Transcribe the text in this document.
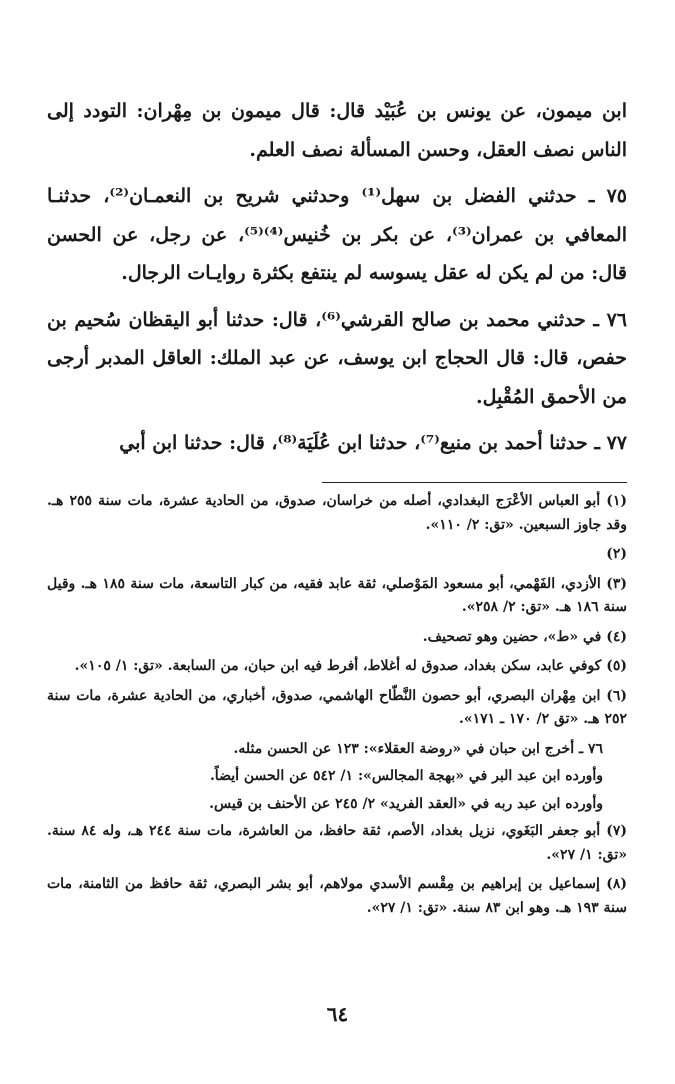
ابن ميمون، عن يونس بن عُبَيْد قال: قال ميمون بن مِهْران: التودد إلى الناس نصف العقل، وحسن المسألة نصف العلم.

٧٥ ـ حدثني الفضل بن سهل⁽¹⁾ وحدثني شريح بن النعمـان⁽²⁾، حدثنـا المعافي بن عمران⁽³⁾، عن بكر بن خُنيس⁽⁴⁾⁽⁵⁾، عن رجل، عن الحسن قال: من لم يكن له عقل يسوسه لم ينتفع بكثرة روايـات الرجال.

٧٦ ـ حدثني محمد بن صالح القرشي⁽⁶⁾، قال: حدثنا أبو اليقظان سُحيم بن حفص، قال: قال الحجاج ابن يوسف، عن عبد الملك: العاقل المدبر أرجى من الأحمق المُقْبِل.

٧٧ ـ حدثنا أحمد بن منيع⁽⁷⁾، حدثنا ابن عُلَيَة⁽⁸⁾، قال: حدثنا ابن أبي

(١) أبو العباس الأعْرَج البغدادي، أصله من خراسان، صدوق، من الحادية عشرة، مات سنة ٢٥٥ هـ. وقد جاوز السبعين. «تق: ٢/ ١١٠».

(٢)

(٣) الأزدي، الفَهْمي، أبو مسعود المَوْصلي، ثقة عابد فقيه، من كبار التاسعة، مات سنة ١٨٥ هـ. وقيل سنة ١٨٦ هـ. «تق: ٢/ ٢٥٨».

(٤) في «ط»، حضين وهو تصحيف.

(٥) كوفي عابد، سكن بغداد، صدوق له أغلاط، أفرط فيه ابن حبان، من السابعة. «تق: ١/ ١٠٥».

(٦) ابن مِهْران البصري، أبو حصون النَّطّاح الهاشمي، صدوق، أخباري، من الحادية عشرة، مات سنة ٢٥٢ هـ. «تق ٢/ ١٧٠ ـ ١٧١».

٧٦ ـ أخرج ابن حبان في «روضة العقلاء»: ١٢٣ عن الحسن مثله.

وأورده ابن عبد البر في «بهجة المجالس»: ١/ ٥٤٢ عن الحسن أيضاً.

وأورده ابن عبد ربه في «العقد الفريد» ٢/ ٢٤٥ عن الأحنف بن قيس.

(٧) أبو جعفر البَغَوي، نزيل بغداد، الأصم، ثقة حافظ، من العاشرة، مات سنة ٢٤٤ هـ، وله ٨٤ سنة. «تق: ١/ ٢٧».

(٨) إسماعيل بن إبراهيم بن مِقْسم الأسدي مولاهم، أبو بشر البصري، ثقة حافظ من الثامنة، مات سنة ١٩٣ هـ. وهو ابن ٨٣ سنة. «تق: ١/ ٢٧».

٦٤
